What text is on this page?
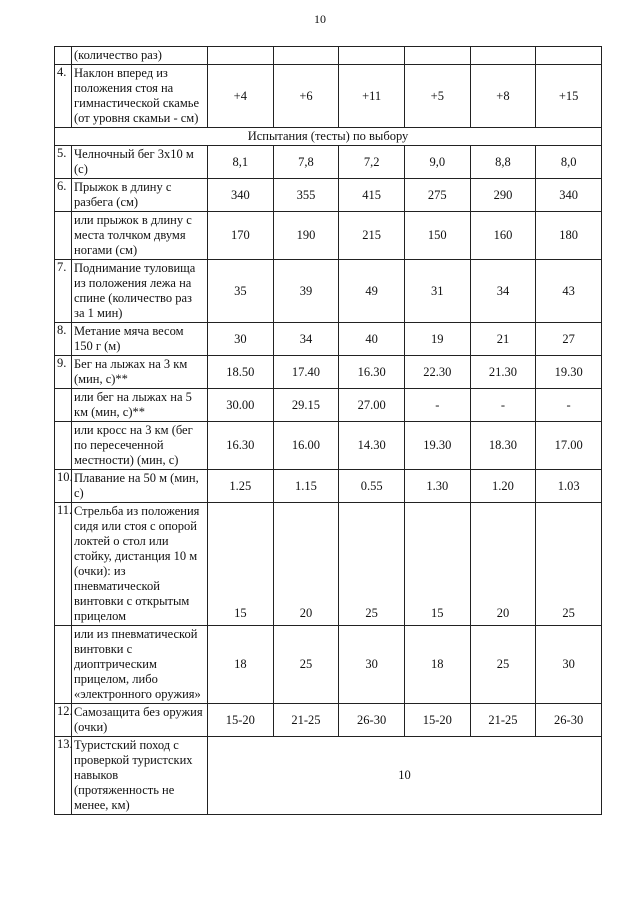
10
	(количество раз)						
4.	Наклон вперед из положения стоя на гимнастической скамье (от уровня скамьи - см)	+4	+6	+11	+5	+8	+15
Испытания (тесты) по выбору							
5.	Челночный бег 3х10 м (с)	8,1	7,8	7,2	9,0	8,8	8,0
6.	Прыжок в длину с разбега (см)	340	355	415	275	290	340
	или прыжок в длину с места толчком двумя ногами (см)	170	190	215	150	160	180
7.	Поднимание туловища из положения лежа на спине (количество раз за 1 мин)	35	39	49	31	34	43
8.	Метание мяча весом 150 г (м)	30	34	40	19	21	27
9.	Бег на лыжах на 3 км (мин, с)**	18.50	17.40	16.30	22.30	21.30	19.30
	или бег на лыжах на 5 км (мин, с)**	30.00	29.15	27.00	-	-	-
	или кросс на 3 км (бег по пересеченной местности) (мин, с)	16.30	16.00	14.30	19.30	18.30	17.00
10.	Плавание на 50 м (мин, с)	1.25	1.15	0.55	1.30	1.20	1.03
11.	Стрельба из положения сидя или стоя с опорой локтей о стол или стойку, дистанция 10 м (очки): из пневматической винтовки с открытым прицелом	15	20	25	15	20	25
	или из пневматической винтовки с диоптрическим прицелом, либо «электронного оружия»	18	25	30	18	25	30
12.	Самозащита без оружия (очки)	15-20	21-25	26-30	15-20	21-25	26-30
13.	Туристский поход с проверкой туристских навыков (протяженность не менее, км)	10					
